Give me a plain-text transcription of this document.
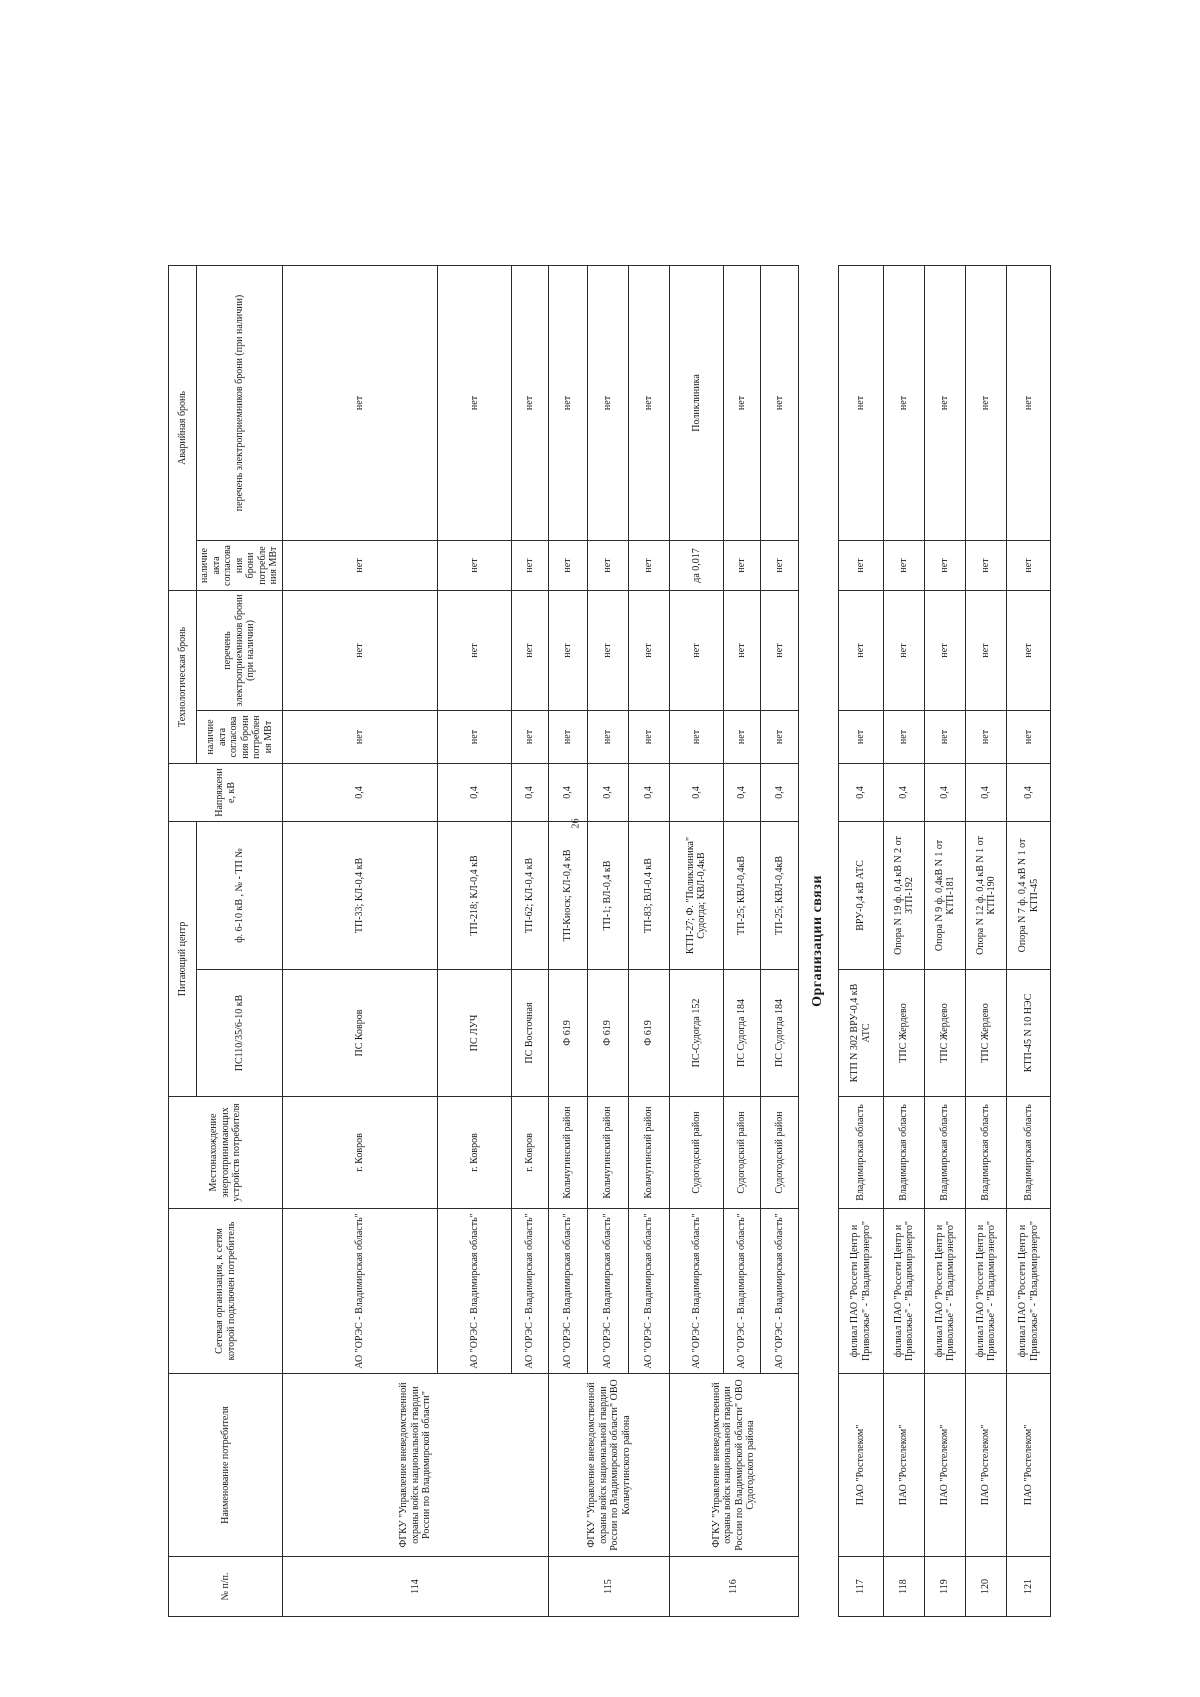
26
№ п/п.	Наименование потребителя	Сетевая организация, к сетям которой подключен потребитель	Местонахождение энергопринимающих устройств потребителя	Питающий центр		Напряжение, кВ	Технологическая бронь		Аварийная бронь	
				ПС110/35/6-10 кВ	ф. 6-10 кВ , № - ТП №		наличие акта согласования брони потребления МВт	перечень электроприемников брони (при наличии)	наличие акта согласования брони потребления МВт	перечень электроприемников брони (при наличии)

114	ФГКУ "Управление вневедомственной охраны войск национальной гвардии России по Владимирской области"	АО "ОРЭС - Владимирская область"	г. Ковров	ПС Ковров	ТП-33; КЛ-0,4 кВ	0,4	нет	нет	нет	нет
		АО "ОРЭС - Владимирская область"	г. Ковров	ПС ЛУЧ	ТП-218; КЛ-0,4 кВ	0,4	нет	нет	нет	нет
		АО "ОРЭС - Владимирская область"	г. Ковров	ПС Восточная	ТП-62; КЛ-0,4 кВ	0,4	нет	нет	нет	нет
115	ФГКУ "Управление вневедомственной охраны войск национальной гвардии России по Владимирской области" ОВО Кольчугинского района	АО "ОРЭС - Владимирская область"	Кольчугинский район	Ф 619	ТП-Киоск; КЛ-0,4 кВ	0,4	нет	нет	нет	нет
		АО "ОРЭС - Владимирская область"	Кольчугинский район	Ф 619	ТП-1; ВЛ-0,4 кВ	0,4	нет	нет	нет	нет
		АО "ОРЭС - Владимирская область"	Кольчугинский район	Ф 619	ТП-83; ВЛ-0,4 кВ	0,4	нет	нет	нет	нет
116	ФГКУ "Управление вневедомственной охраны войск национальной гвардии России по Владимирской области" ОВО Судогодского района	АО "ОРЭС - Владимирская область"	Судогодский район	ПС-Судогда 152	КТП-27; Ф. "Поликлиника" Судогда; КВЛ-0,4кВ	0,4	нет	нет	да 0,017	Поликлиника
		АО "ОРЭС - Владимирская область"	Судогодский район	ПС Судогда 184	ТП-25; КВЛ-0,4кВ	0,4	нет	нет	нет	нет
		АО "ОРЭС - Владимирская область"	Судогодский район	ПС Судогда 184	ТП-25; КВЛ-0,4кВ	0,4	нет	нет	нет	нет
Организации связи										
117	ПАО "Ростелеком"	филиал ПАО "Россети Центр и Приволжье" - "Владимирэнерго"	Владимирская область	КТП N 302 ВРУ-0,4 кВ АТС	ВРУ-0,4 кВ АТС	0,4	нет	нет	нет	нет
118	ПАО "Ростелеком"	филиал ПАО "Россети Центр и Приволжье" - "Владимирэнерго"	Владимирская область	ТПС Жердево	Опора N 19 ф. 0,4 кВ N 2 от ЗТП-192	0,4	нет	нет	нет	нет
119	ПАО "Ростелеком"	филиал ПАО "Россети Центр и Приволжье" - "Владимирэнерго"	Владимирская область	ТПС Жердево	Опора N 9 ф. 0,4кВ N 1 от КТП-181	0,4	нет	нет	нет	нет
120	ПАО "Ростелеком"	филиал ПАО "Россети Центр и Приволжье" - "Владимирэнерго"	Владимирская область	ТПС Жердево	Опора N 12 ф. 0,4 кВ N 1 от КТП-190	0,4	нет	нет	нет	нет
121	ПАО "Ростелеком"	филиал ПАО "Россети Центр и Приволжье" - "Владимирэнерго"	Владимирская область	КТП-45 N 10 НЭС	Опора N 7 ф. 0,4 кВ N 1 от КТП-45	0,4	нет	нет	нет	нет
